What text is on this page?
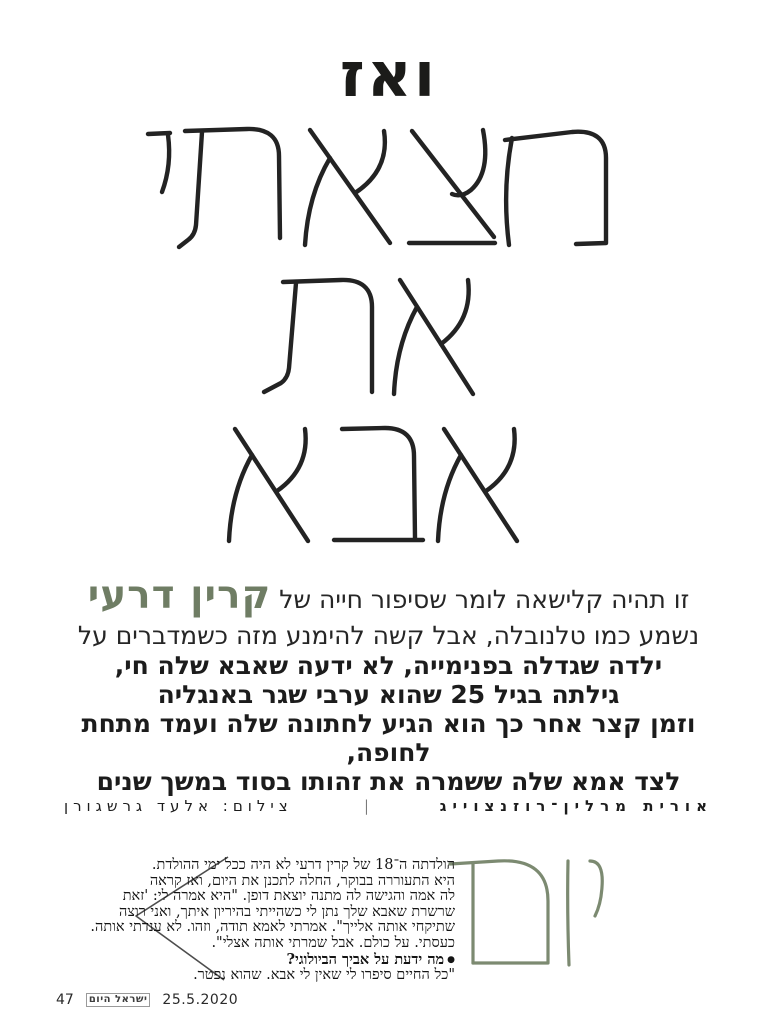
ואז
זו תהיה קלישאה לומר שסיפור חייה של קרין דרעי
נשמע כמו טלנובלה, אבל קשה להימנע מזה כשמדברים על
ילדה שגדלה בפנימייה, לא ידעה שאבא שלה חי,
גילתה בגיל 25 שהוא ערבי שגר באנגליה
וזמן קצר אחר כך הוא הגיע לחתונה שלה ועמד מתחת לחופה,
לצד אמא שלה ששמרה את זהותו בסוד במשך שנים
אורית מרלין־רוזנצוייג
|
צילום: אלעד גרשגורן
הולדתה ה־18 של קרין דרעי לא היה ככל ימי ההולדת.
היא התעוררה בבוקר, החלה לתכנן את היום, ואז קראה
לה אמה והגישה לה מתנה יוצאת דופן. "היא אמרה לי: 'זאת
שרשרת שאבא שלך נתן לי כשהייתי בהיריון איתך, ואני רוצה
שתיקחי אותה אלייך". אמרתי לאמא תודה, וזהו. לא ענדתי אותה.
כעסתי. על כולם. אבל שמרתי אותה אצלי".
●מה ידעת על אביך הביולוגי?
"כל החיים סיפרו לי שאין לי אבא. שהוא נפטר.
47	ישראל היום 25.5.2020
